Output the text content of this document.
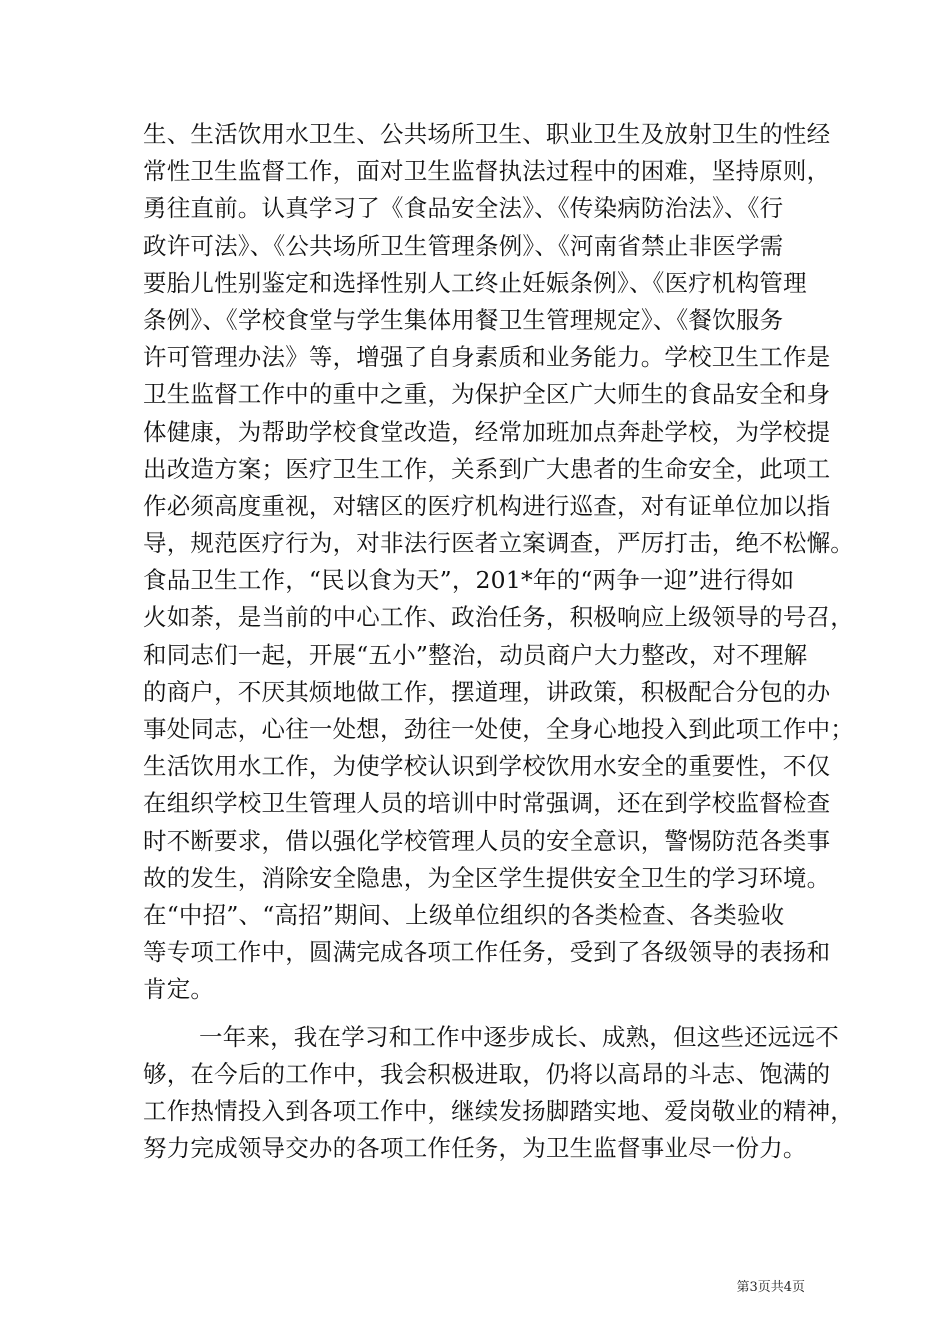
生、生活饮用水卫生、公共场所卫生、职业卫生及放射卫生的性经
常性卫生监督工作，面对卫生监督执法过程中的困难，坚持原则，
勇往直前。认真学习了《食品安全法》、《传染病防治法》、《行
政许可法》、《公共场所卫生管理条例》、《河南省禁止非医学需
要胎儿性别鉴定和选择性别人工终止妊娠条例》、《医疗机构管理
条例》、《学校食堂与学生集体用餐卫生管理规定》、《餐饮服务
许可管理办法》等，增强了自身素质和业务能力。学校卫生工作是
卫生监督工作中的重中之重，为保护全区广大师生的食品安全和身
体健康，为帮助学校食堂改造，经常加班加点奔赴学校，为学校提
出改造方案；医疗卫生工作，关系到广大患者的生命安全，此项工
作必须高度重视，对辖区的医疗机构进行巡查，对有证单位加以指
导，规范医疗行为，对非法行医者立案调查，严厉打击，绝不松懈。
食品卫生工作，“民以食为天”，201*年的“两争一迎”进行得如
火如荼，是当前的中心工作、政治任务，积极响应上级领导的号召，
和同志们一起，开展“五小”整治，动员商户大力整改，对不理解
的商户，不厌其烦地做工作，摆道理，讲政策，积极配合分包的办
事处同志，心往一处想，劲往一处使，全身心地投入到此项工作中；
生活饮用水工作，为使学校认识到学校饮用水安全的重要性，不仅
在组织学校卫生管理人员的培训中时常强调，还在到学校监督检查
时不断要求，借以强化学校管理人员的安全意识，警惕防范各类事
故的发生，消除安全隐患，为全区学生提供安全卫生的学习环境。
在“中招”、“高招”期间、上级单位组织的各类检查、各类验收
等专项工作中，圆满完成各项工作任务，受到了各级领导的表扬和
肯定。
一年来，我在学习和工作中逐步成长、成熟，但这些还远远不
够，在今后的工作中，我会积极进取，仍将以高昂的斗志、饱满的
工作热情投入到各项工作中，继续发扬脚踏实地、爱岗敬业的精神，
努力完成领导交办的各项工作任务，为卫生监督事业尽一份力。
第3页共4页
